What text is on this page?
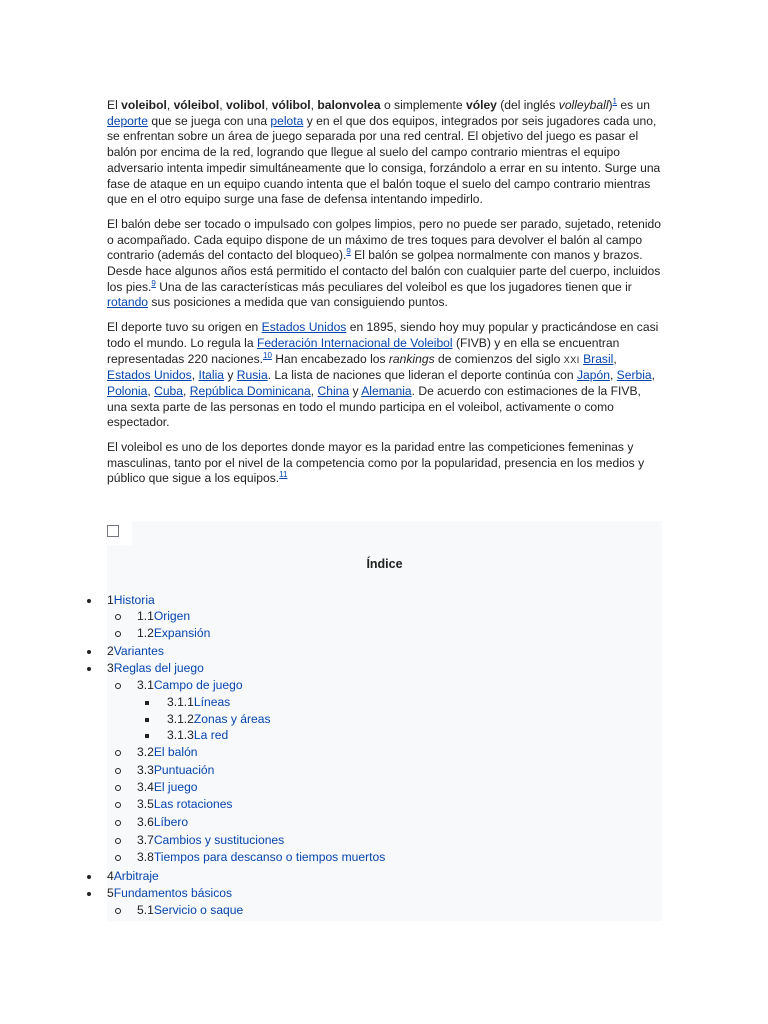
El voleibol, vóleibol, volibol, vólibol, balonvolea o simplemente vóley (del inglés volleyball)$^1$ es un deporte que se juega con una pelota y en el que dos equipos, integrados por seis jugadores cada uno, se enfrentan sobre un área de juego separada por una red central. El objetivo del juego es pasar el balón por encima de la red, logrando que llegue al suelo del campo contrario mientras el equipo adversario intenta impedir simultáneamente que lo consiga, forzándolo a errar en su intento. Surge una fase de ataque en un equipo cuando intenta que el balón toque el suelo del campo contrario mientras que en el otro equipo surge una fase de defensa intentando impedirlo.

El balón debe ser tocado o impulsado con golpes limpios, pero no puede ser parado, sujetado, retenido o acompañado. Cada equipo dispone de un máximo de tres toques para devolver el balón al campo contrario (además del contacto del bloqueo).$^9$ El balón se golpea normalmente con manos y brazos. Desde hace algunos años está permitido el contacto del balón con cualquier parte del cuerpo, incluidos los pies.$^9$ Una de las características más peculiares del voleibol es que los jugadores tienen que ir rotando sus posiciones a medida que van consiguiendo puntos.

El deporte tuvo su origen en Estados Unidos en 1895, siendo hoy muy popular y practicándose en casi todo el mundo. Lo regula la Federación Internacional de Voleibol (FIVB) y en ella se encuentran representadas 220 naciones.$^{10}$ Han encabezado los rankings de comienzos del siglo XXI Brasil, Estados Unidos, Italia y Rusia. La lista de naciones que lideran el deporte continúa con Japón, Serbia, Polonia, Cuba, República Dominicana, China y Alemania. De acuerdo con estimaciones de la FIVB, una sexta parte de las personas en todo el mundo participa en el voleibol, activamente o como espectador.

El voleibol es uno de los deportes donde mayor es la paridad entre las competiciones femeninas y masculinas, tanto por el nivel de la competencia como por la popularidad, presencia en los medios y público que sigue a los equipos.$^{11}$

Índice
1Historia
1.1Origen
1.2Expansión
2Variantes
3Reglas del juego
3.1Campo de juego
3.1.1Líneas
3.1.2Zonas y áreas
3.1.3La red
3.2El balón
3.3Puntuación
3.4El juego
3.5Las rotaciones
3.6Líbero
3.7Cambios y sustituciones
3.8Tiempos para descanso o tiempos muertos
4Arbitraje
5Fundamentos básicos
5.1Servicio o saque
